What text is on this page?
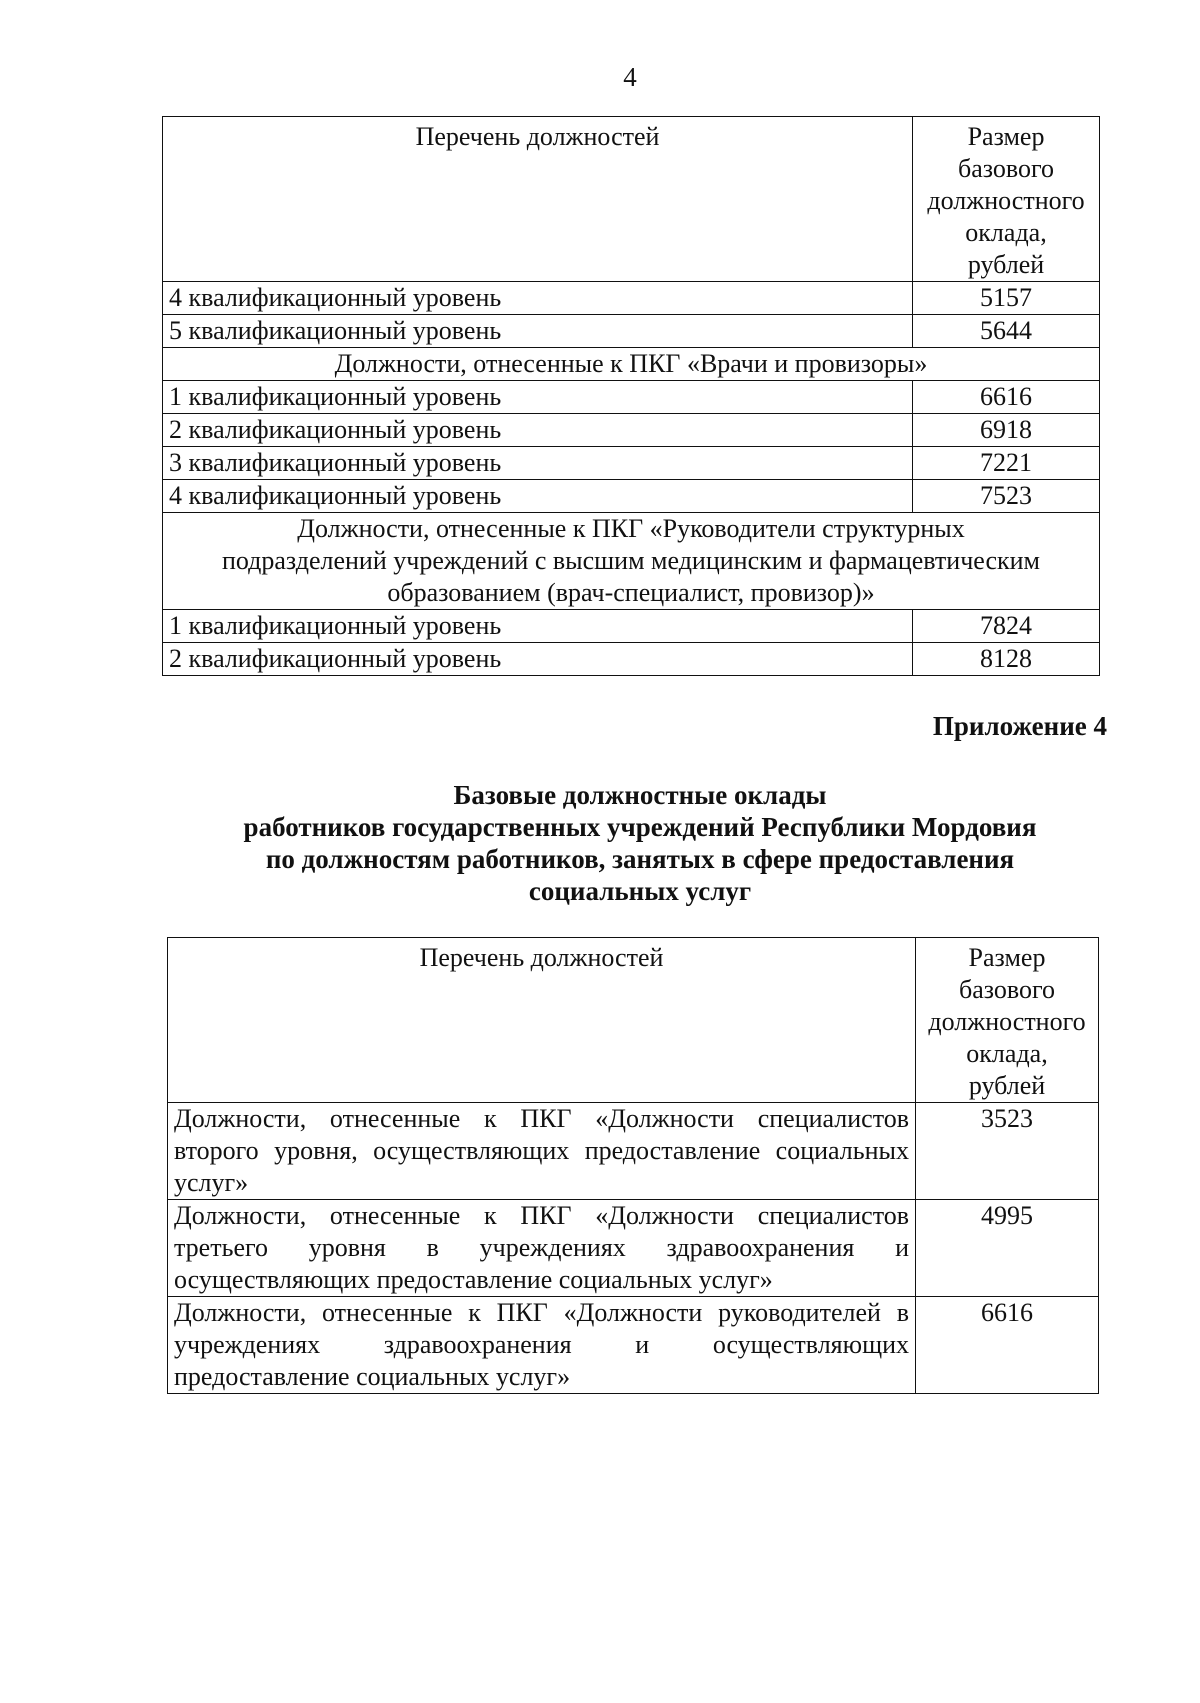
4
Перечень должностей	Размер
базового
должностного
оклада,
рублей

4 квалификационный уровень	5157
5 квалификационный уровень	5644
Должности, отнесенные к ПКГ «Врачи и провизоры»	
1 квалификационный уровень	6616
2 квалификационный уровень	6918
3 квалификационный уровень	7221
4 квалификационный уровень	7523

Должности, отнесенные к ПКГ «Руководители структурных
подразделений учреждений с высшим медицинским и фармацевтическим
образованием (врач-специалист, провизор)»	

1 квалификационный уровень	7824
2 квалификационный уровень	8128
Приложение 4
Базовые должностные оклады
работников государственных учреждений Республики Мордовия
по должностям работников, занятых в сфере предоставления
социальных услуг
Перечень должностей	Размер
базового
должностного
оклада,
рублей

Должности, отнесенные к ПКГ «Должности специалистов второго уровня, осуществляющих предоставление социальных услуг»	3523
Должности, отнесенные к ПКГ «Должности специалистов третьего уровня в учреждениях здравоохранения и осуществляющих предоставление социальных услуг»	4995
Должности, отнесенные к ПКГ «Должности руководителей в учреждениях здравоохранения и осуществляющих предоставление социальных услуг»	6616
